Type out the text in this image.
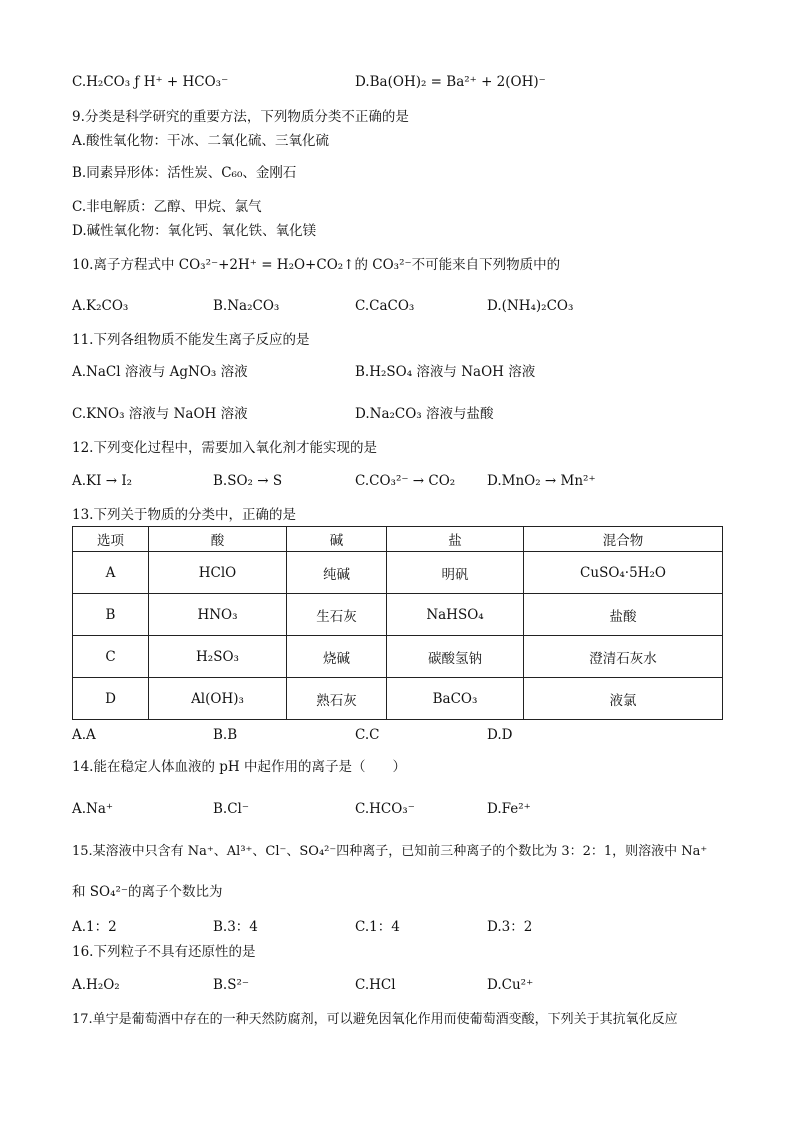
C.H₂CO₃ ƒ H⁺ + HCO₃⁻	D.Ba(OH)₂ = Ba²⁺ + 2(OH)⁻
9.分类是科学研究的重要方法，下列物质分类不正确的是
A.酸性氧化物：干冰、二氧化硫、三氧化硫
B.同素异形体：活性炭、C₆₀、金刚石
C.非电解质：乙醇、甲烷、氯气
D.碱性氧化物：氧化钙、氧化铁、氧化镁
10.离子方程式中 CO₃²⁻+2H⁺ = H₂O+CO₂↑的 CO₃²⁻不可能来自下列物质中的
A.K₂CO₃	B.Na₂CO₃	C.CaCO₃	D.(NH₄)₂CO₃
11.下列各组物质不能发生离子反应的是
A.NaCl 溶液与 AgNO₃ 溶液	B.H₂SO₄ 溶液与 NaOH 溶液
C.KNO₃ 溶液与 NaOH 溶液	D.Na₂CO₃ 溶液与盐酸
12.下列变化过程中，需要加入氧化剂才能实现的是
A.KI → I₂	B.SO₂ → S	C.CO₃²⁻ → CO₂ D.MnO₂ → Mn²⁺
13.下列关于物质的分类中，正确的是
选项	酸	碱	盐	混合物
A	HClO	纯碱	明矾	CuSO₄·5H₂O
B	HNO₃	生石灰	NaHSO₄	盐酸
C	H₂SO₃	烧碱	碳酸氢钠	澄清石灰水
D	Al(OH)₃	熟石灰	BaCO₃	液氯
A.A	B.B	C.C	D.D
14.能在稳定人体血液的 pH 中起作用的离子是（　　）
A.Na⁺	B.Cl⁻	C.HCO₃⁻	D.Fe²⁺
15.某溶液中只含有 Na⁺、Al³⁺、Cl⁻、SO₄²⁻四种离子，已知前三种离子的个数比为 3：2：1，则溶液中 Na⁺
和 SO₄²⁻的离子个数比为
A.1：2	B.3：4	C.1：4	D.3：2
16.下列粒子不具有还原性的是
A.H₂O₂	B.S²⁻	C.HCl	D.Cu²⁺
17.单宁是葡萄酒中存在的一种天然防腐剂，可以避免因氧化作用而使葡萄酒变酸，下列关于其抗氧化反应
